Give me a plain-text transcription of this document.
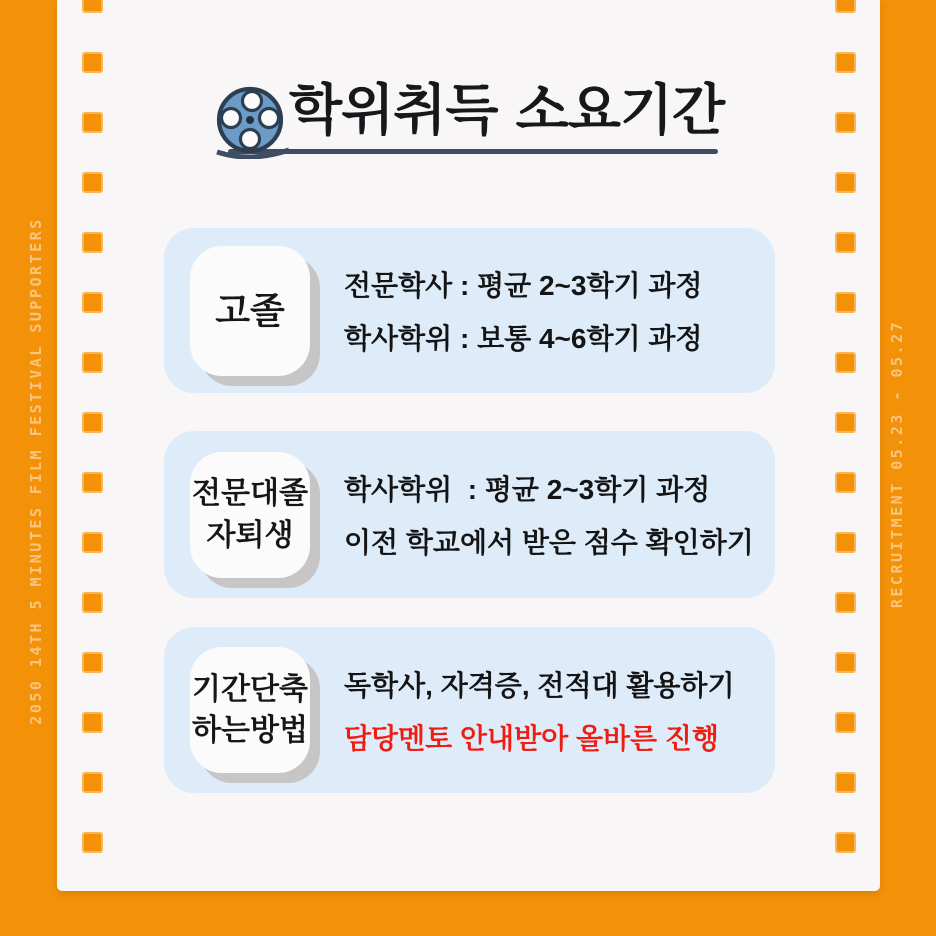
2050 14TH 5 MINUTES FILM FESTIVAL SUPPORTERS	RECRUITMENT 05.23 - 05.27
학위취득 소요기간
고졸
전문학사 : 평균 2~3학기 과정
학사학위 : 보통 4~6학기 과정
전문대졸
자퇴생
학사학위  : 평균 2~3학기 과정
이전 학교에서 받은 점수 확인하기
기간단축
하는방법
독학사, 자격증, 전적대 활용하기
담당멘토 안내받아 올바른 진행
